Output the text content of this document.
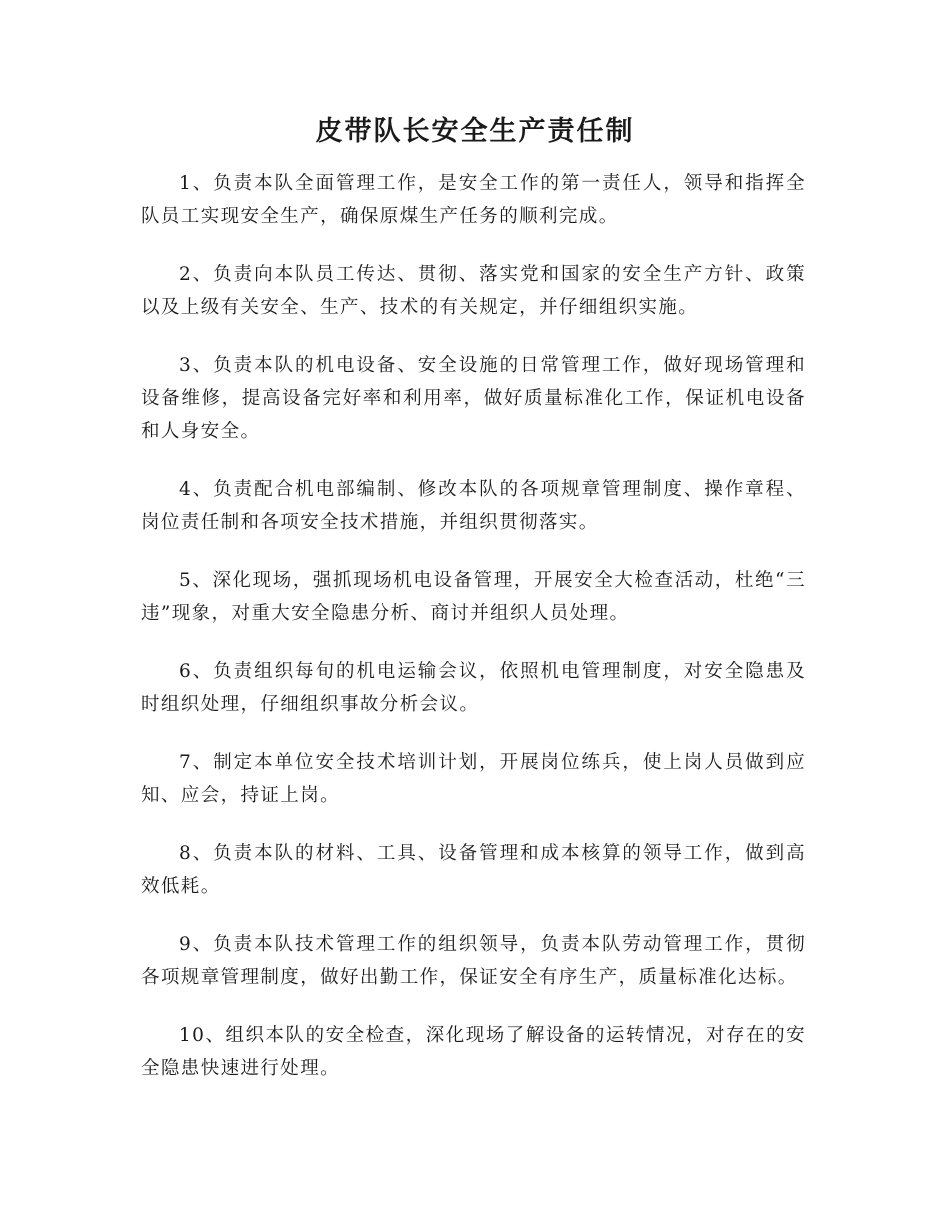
皮带队长安全生产责任制

1、负责本队全面管理工作，是安全工作的第一责任人，领导和指挥全队员工实现安全生产，确保原煤生产任务的顺利完成。

2、负责向本队员工传达、贯彻、落实党和国家的安全生产方针、政策以及上级有关安全、生产、技术的有关规定，并仔细组织实施。

3、负责本队的机电设备、安全设施的日常管理工作，做好现场管理和设备维修，提高设备完好率和利用率，做好质量标准化工作，保证机电设备和人身安全。

4、负责配合机电部编制、修改本队的各项规章管理制度、操作章程、岗位责任制和各项安全技术措施，并组织贯彻落实。

5、深化现场，强抓现场机电设备管理，开展安全大检查活动，杜绝“三违”现象，对重大安全隐患分析、商讨并组织人员处理。

6、负责组织每旬的机电运输会议，依照机电管理制度，对安全隐患及时组织处理，仔细组织事故分析会议。

7、制定本单位安全技术培训计划，开展岗位练兵，使上岗人员做到应知、应会，持证上岗。

8、负责本队的材料、工具、设备管理和成本核算的领导工作，做到高效低耗。

9、负责本队技术管理工作的组织领导，负责本队劳动管理工作，贯彻各项规章管理制度，做好出勤工作，保证安全有序生产，质量标准化达标。

10、组织本队的安全检查，深化现场了解设备的运转情况，对存在的安全隐患快速进行处理。
